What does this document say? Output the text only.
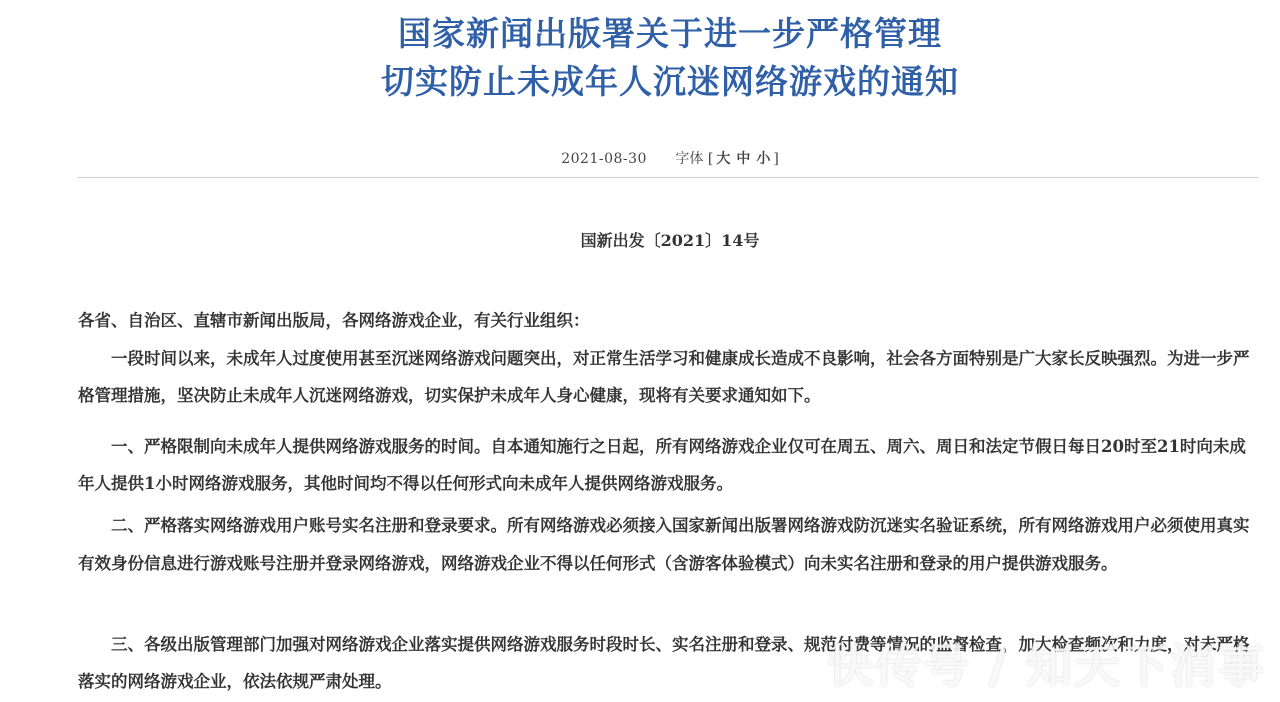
国家新闻出版署关于进一步严格管理
切实防止未成年人沉迷网络游戏的通知
2021-08-30 字体 [ 大 中 小 ]
国新出发〔2021〕14号
各省、自治区、直辖市新闻出版局，各网络游戏企业，有关行业组织：

一段时间以来，未成年人过度使用甚至沉迷网络游戏问题突出，对正常生活学习和健康成长造成不良影响，社会各方面特别是广大家长反映强烈。为进一步严格管理措施，坚决防止未成年人沉迷网络游戏，切实保护未成年人身心健康，现将有关要求通知如下。

一、严格限制向未成年人提供网络游戏服务的时间。自本通知施行之日起，所有网络游戏企业仅可在周五、周六、周日和法定节假日每日20时至21时向未成年人提供1小时网络游戏服务，其他时间均不得以任何形式向未成年人提供网络游戏服务。

二、严格落实网络游戏用户账号实名注册和登录要求。所有网络游戏必须接入国家新闻出版署网络游戏防沉迷实名验证系统，所有网络游戏用户必须使用真实有效身份信息进行游戏账号注册并登录网络游戏，网络游戏企业不得以任何形式（含游客体验模式）向未实名注册和登录的用户提供游戏服务。

三、各级出版管理部门加强对网络游戏企业落实提供网络游戏服务时段时长、实名注册和登录、规范付费等情况的监督检查，加大检查频次和力度，对未严格落实的网络游戏企业，依法依规严肃处理。	快传号 / 知天下消事
